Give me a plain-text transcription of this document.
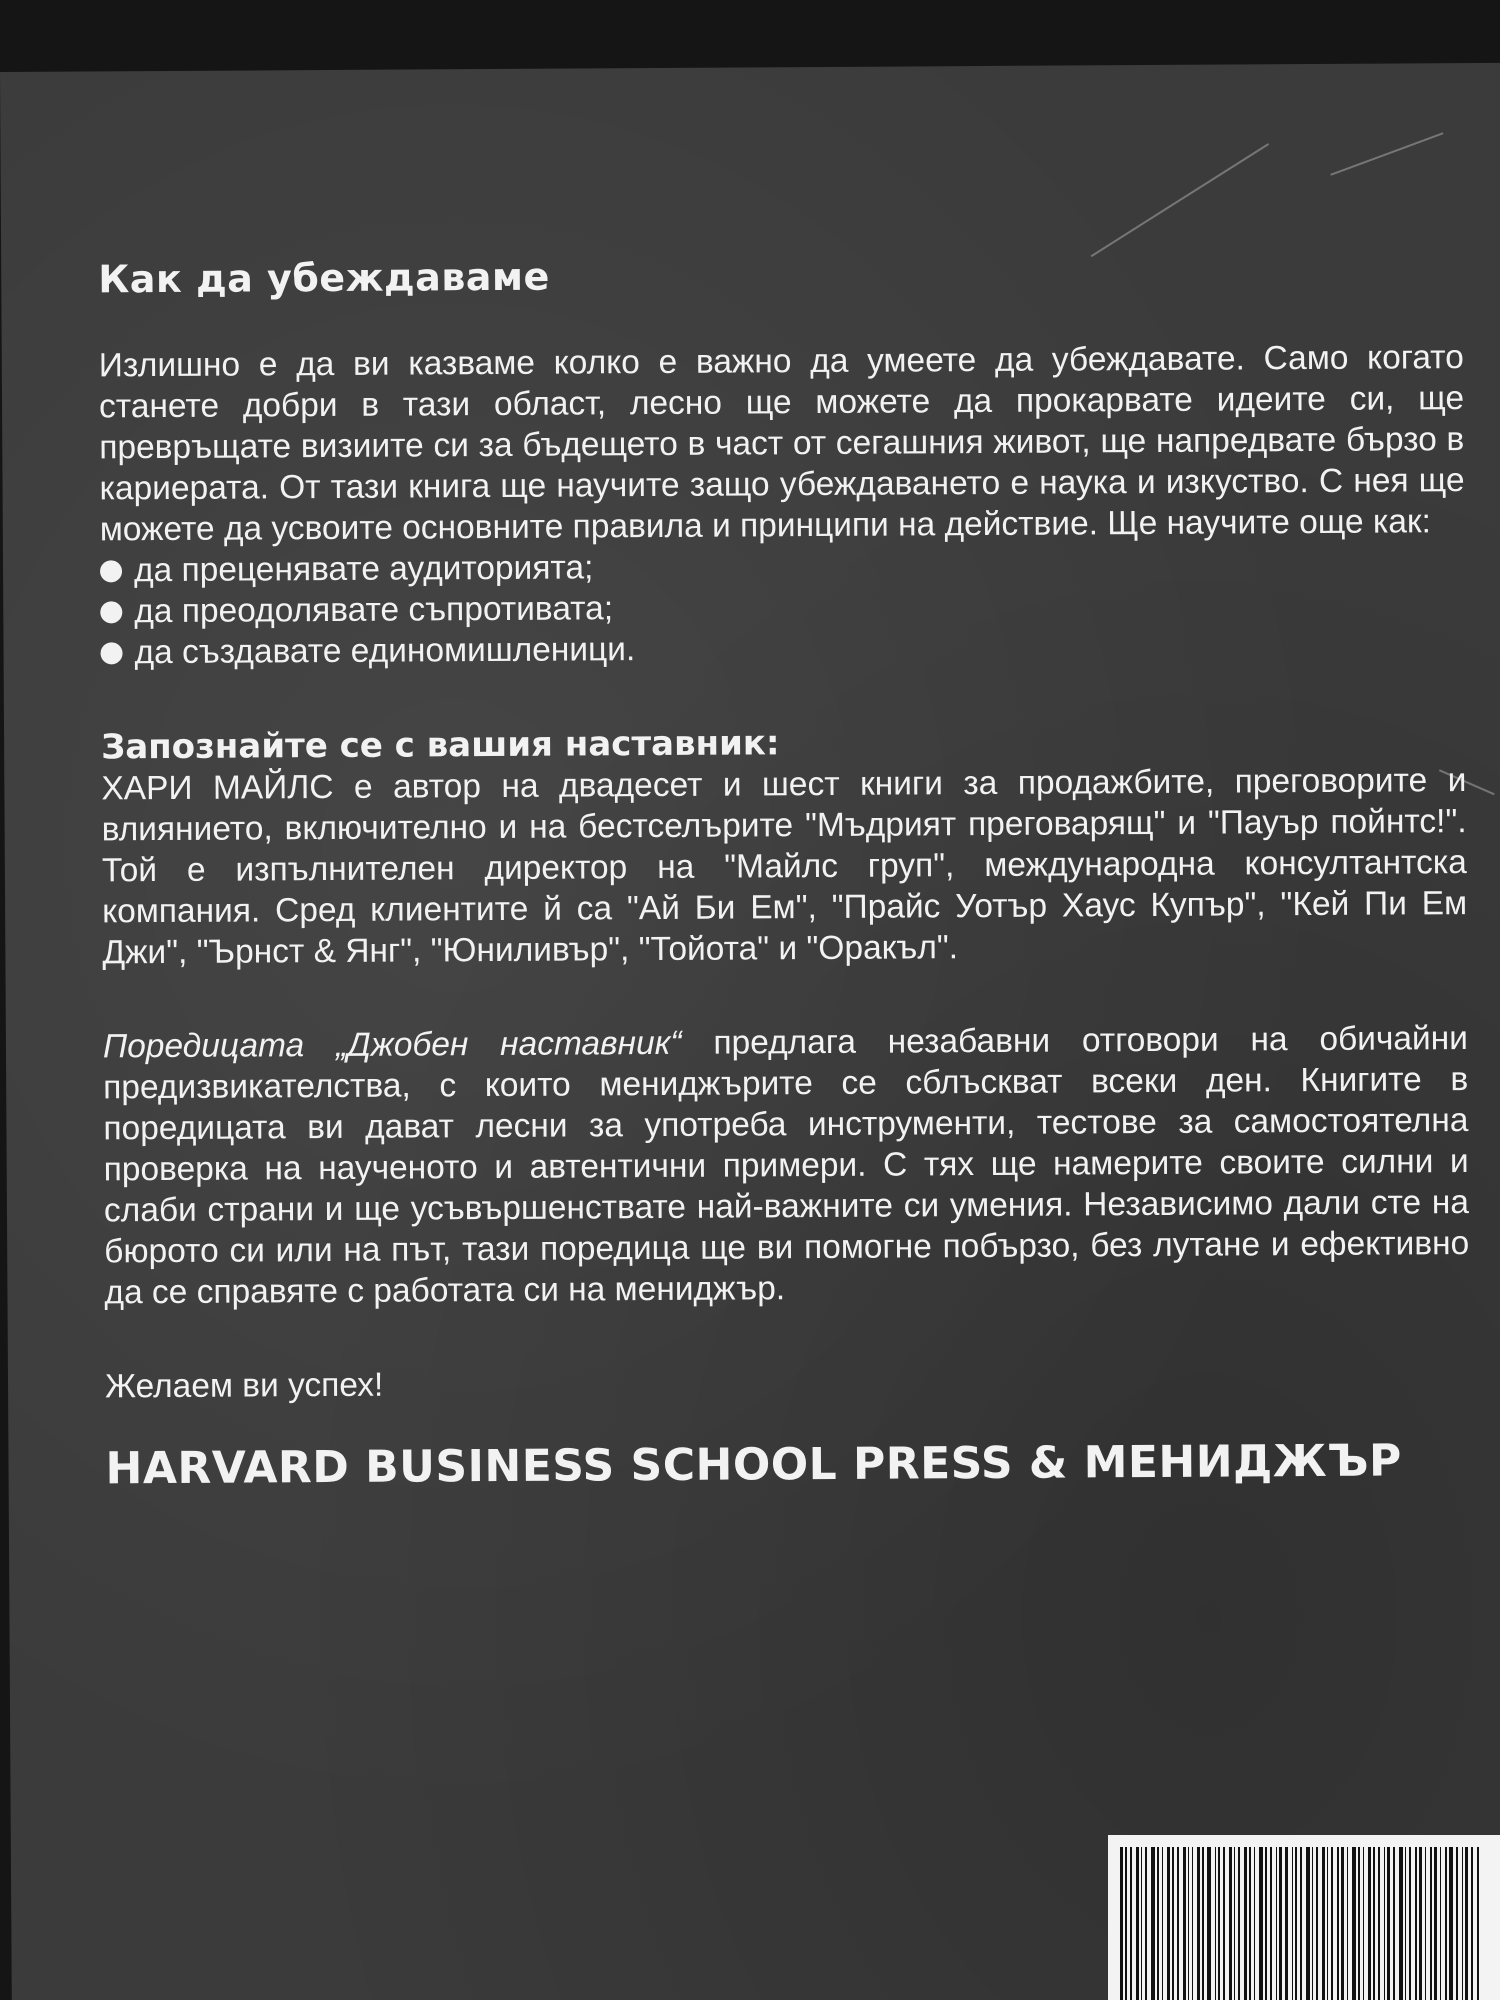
Как да убеждаваме

Излишно е да ви казваме колко е важно да умеете да убеждавате. Само когато станете добри в тази област, лесно ще можете да прокарвате идеите си, ще превръщате визиите си за бъдещето в част от сегашния живот, ще напредвате бързо в кариерата. От тази книга ще научите защо убеждаването е наука и изкуство. С нея ще можете да усвоите основните правила и принципи на действие. Ще научите още как:

да преценявате аудиторията;
да преодолявате съпротивата;
да създавате единомишленици.
Запознайте се с вашия наставник:

ХАРИ МАЙЛС е автор на двадесет и шест книги за продажбите, преговорите и влиянието, включително и на бестселърите "Мъдрият преговарящ" и "Пауър пойнтс!". Той е изпълнителен директор на "Майлс груп", международна консултантска компания. Сред клиентите й са "Ай Би Ем", "Прайс Уотър Хаус Купър", "Кей Пи Ем Джи", "Ърнст & Янг", "Юниливър", "Тойота" и "Оракъл".

Поредицата „Джобен наставник“ предлага незабавни отговори на обичайни предизвикателства, с които мениджърите се сблъскват всеки ден. Книгите в поредицата ви дават лесни за употреба инструменти, тестове за самостоятелна проверка на наученото и автентични примери. С тях ще намерите своите силни и слаби страни и ще усъвършенствате най-важните си умения. Независимо дали сте на бюрото си или на път, тази поредица ще ви помогне побързо, без лутане и ефективно да се справяте с работата си на мениджър.

Желаем ви успех!

HARVARD BUSINESS SCHOOL PRESS & МЕНИДЖЪР
